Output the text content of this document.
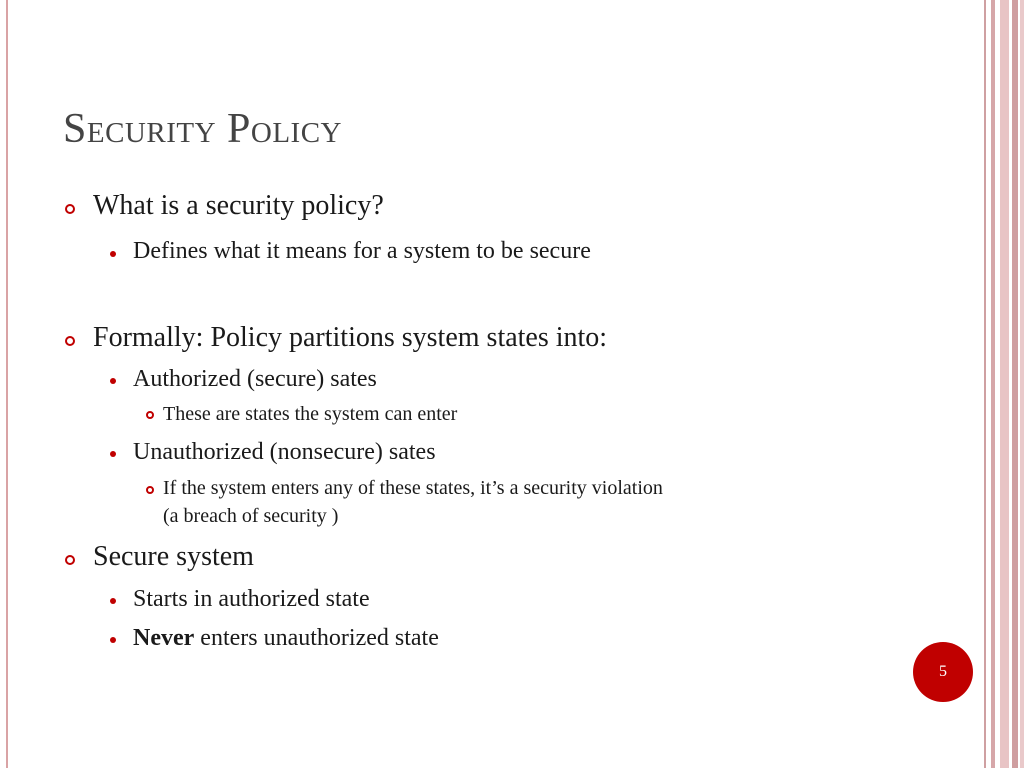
Security Policy

What is a security policy?

Defines what it means for a system to be secure

Formally: Policy partitions system states into:

Authorized (secure) sates

These are states the system can enter

Unauthorized (nonsecure) sates

If the system enters any of these states, it’s a security violation

(a breach of security )

Secure system

Starts in authorized state

Never enters unauthorized state

5
